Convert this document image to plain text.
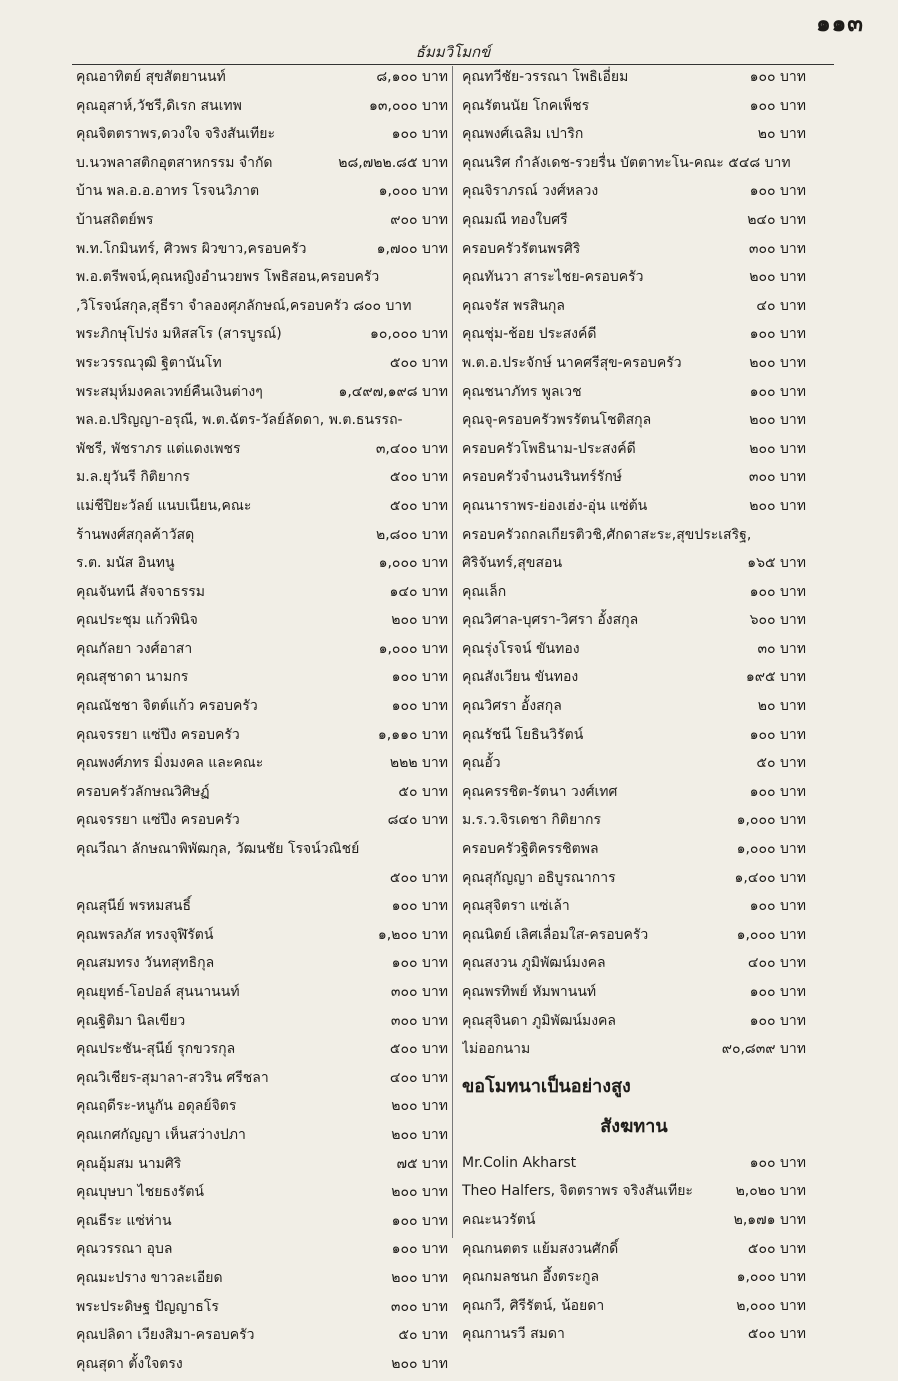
๑๑๓
ธัมมวิโมกข์
คุณอาทิตย์ สุขสัตยานนท์	๘,๑๐๐ บาท
คุณอุสาห์,วัชรี,ดิเรก สนเทพ	๑๓,๐๐๐ บาท
คุณจิตตราพร,ดวงใจ จริงสันเทียะ	๑๐๐ บาท
บ.นวพลาสติกอุตสาหกรรม จำกัด	๒๘,๗๒๒.๘๕ บาท
บ้าน พล.อ.อ.อาทร โรจนวิภาต	๑,๐๐๐ บาท
บ้านสถิตย์พร	๙๐๐ บาท
พ.ท.โกมินทร์, ศิวพร ผิวขาว,ครอบครัว	๑,๗๐๐ บาท
พ.อ.ตรีพจน์,คุณหญิงอำนวยพร โพธิสอน,ครอบครัว
,วิโรจน์สกุล,สุธีรา จำลองศุภลักษณ์,ครอบครัว ๘๐๐ บาท
พระภิกษุโปร่ง มหิสสโร (สารบูรณ์)	๑๐,๐๐๐ บาท
พระวรรณวุฒิ ฐิตานันโท	๕๐๐ บาท
พระสมุห์มงคลเวทย์คืนเงินต่างๆ	๑,๔๙๗,๑๙๘ บาท
พล.อ.ปริญญา-อรุณี, พ.ต.ฉัตร-วัลย์ลัดดา, พ.ต.ธนรรถ-
พัชรี, พัชราภร แต่แดงเพชร	๓,๔๐๐ บาท
ม.ล.ยุวันรี กิติยากร	๕๐๐ บาท
แม่ชีปิยะวัลย์ แนบเนียน,คณะ	๕๐๐ บาท
ร้านพงศ์สกุลค้าวัสดุ	๒,๘๐๐ บาท
ร.ต. มนัส อินทนู	๑,๐๐๐ บาท
คุณจันทนี สัจจาธรรม	๑๔๐ บาท
คุณประชุม แก้วพินิจ	๒๐๐ บาท
คุณกัลยา วงศ์อาสา	๑,๐๐๐ บาท
คุณสุชาดา นามกร	๑๐๐ บาท
คุณณัชชา จิตต์แก้ว ครอบครัว	๑๐๐ บาท
คุณจรรยา แซ่ปึง ครอบครัว	๑,๑๑๐ บาท
คุณพงศ์ภทร มิ่งมงคล และคณะ	๒๒๒ บาท
ครอบครัวลักษณวิศิษฏ์	๕๐ บาท
คุณจรรยา แซ่ปึง ครอบครัว	๘๔๐ บาท
คุณวีณา ลักษณาพิพัฒกุล, วัฒนชัย โรจน์วณิชย์
๕๐๐ บาท
คุณสุนีย์ พรหมสนธิ์	๑๐๐ บาท
คุณพรลภัส ทรงจุฬิรัตน์	๑,๒๐๐ บาท
คุณสมทรง วันทสุทธิกุล	๑๐๐ บาท
คุณยุทธ์-โอปอล์ สุนนานนท์	๓๐๐ บาท
คุณฐิติมา นิลเขียว	๓๐๐ บาท
คุณประชัน-สุนีย์ รุกขวรกุล	๕๐๐ บาท
คุณวิเชียร-สุมาลา-สวริน ศรีชลา	๔๐๐ บาท
คุณฤดีระ-หนูกัน อดุลย์จิตร	๒๐๐ บาท
คุณเกศกัญญา เห็นสว่างปภา	๒๐๐ บาท
คุณอุ้มสม นามศิริ	๗๕ บาท
คุณบุษบา ไชยธงรัตน์	๒๐๐ บาท
คุณธีระ แซ่ห่าน	๑๐๐ บาท
คุณวรรณา อุบล	๑๐๐ บาท
คุณมะปราง ขาวละเอียด	๒๐๐ บาท
พระประดิษฐ ปัญญาธโร	๓๐๐ บาท
คุณปลิดา เวียงสิมา-ครอบครัว	๕๐ บาท
คุณสุดา ตั้งใจตรง	๒๐๐ บาท
คุณทวีชัย-วรรณา โพธิเอี่ยม	๑๐๐ บาท
คุณรัตนนัย โกคเพ็ชร	๑๐๐ บาท
คุณพงศ์เฉลิม เปาริก	๒๐ บาท
คุณนริศ กำลังเดช-รวยรื่น บัตตาทะโน-คณะ ๕๔๘ บาท
คุณจิราภรณ์ วงศ์หลวง	๑๐๐ บาท
คุณมณี ทองใบศรี	๒๔๐ บาท
ครอบครัวรัตนพรศิริ	๓๐๐ บาท
คุณทันวา สาระไชย-ครอบครัว	๒๐๐ บาท
คุณจรัส พรสินกุล	๔๐ บาท
คุณชุ่ม-ช้อย ประสงค์ดี	๑๐๐ บาท
พ.ต.อ.ประจักษ์ นาคศรีสุข-ครอบครัว	๒๐๐ บาท
คุณชนาภัทร พูลเวช	๑๐๐ บาท
คุณจุ-ครอบครัวพรรัตนโชติสกุล	๒๐๐ บาท
ครอบครัวโพธินาม-ประสงค์ดี	๒๐๐ บาท
ครอบครัวจำนงนรินทร์รักษ์	๓๐๐ บาท
คุณนาราพร-ย่องเฮ่ง-อุ่น แซ่ต้น	๒๐๐ บาท
ครอบครัวถกลเกียรติวชิ,ศักดาสะระ,สุขประเสริฐ,
ศิริจันทร์,สุขสอน	๑๖๕ บาท
คุณเล็ก	๑๐๐ บาท
คุณวิศาล-บุศรา-วิศรา อั้งสกุล	๖๐๐ บาท
คุณรุ่งโรจน์ ขันทอง	๓๐ บาท
คุณสังเวียน ขันทอง	๑๙๕ บาท
คุณวิศรา อั้งสกุล	๒๐ บาท
คุณรัชนี โยธินวิรัตน์	๑๐๐ บาท
คุณอั้ว	๕๐ บาท
คุณครรชิต-รัตนา วงศ์เทศ	๑๐๐ บาท
ม.ร.ว.จิรเดชา กิติยากร	๑,๐๐๐ บาท
ครอบครัวฐิติครรชิตพล	๑,๐๐๐ บาท
คุณสุกัญญา อธิบูรณาการ	๑,๔๐๐ บาท
คุณสุจิตรา แซ่เล้า	๑๐๐ บาท
คุณนิตย์ เลิศเลื่อมใส-ครอบครัว	๑,๐๐๐ บาท
คุณสงวน ภูมิพัฒน์มงคล	๔๐๐ บาท
คุณพรทิพย์ หัมพานนท์	๑๐๐ บาท
คุณสุจินดา ภูมิพัฒน์มงคล	๑๐๐ บาท
ไม่ออกนาม	๙๐,๘๓๙ บาท
ขอโมทนาเป็นอย่างสูง
สังฆทาน
Mr.Colin Akharst	๑๐๐ บาท
Theo Halfers, จิตตราพร จริงสันเทียะ	๒,๐๒๐ บาท
คณะนวรัตน์	๒,๑๗๑ บาท
คุณกนตตร แย้มสงวนศักดิ์	๕๐๐ บาท
คุณกมลชนก อึ้งตระกูล	๑,๐๐๐ บาท
คุณกวี, ศิรีรัตน์, น้อยดา	๒,๐๐๐ บาท
คุณกานรวี สมดา	๕๐๐ บาท
